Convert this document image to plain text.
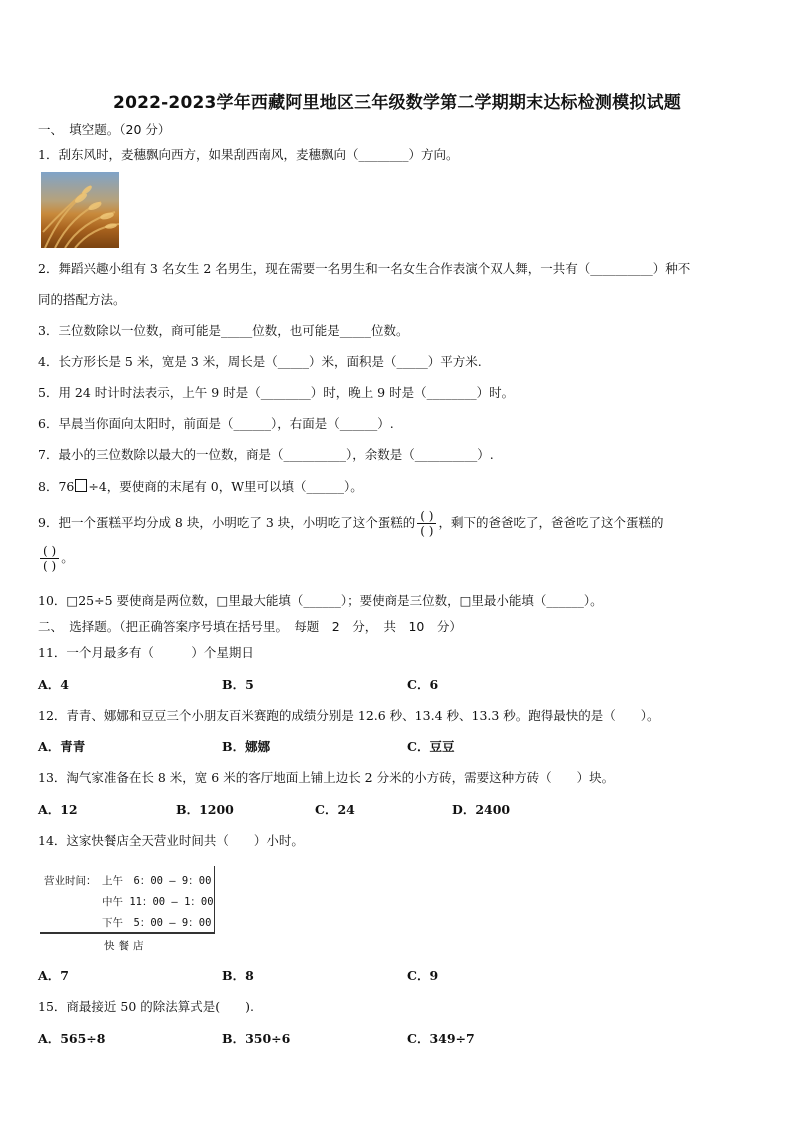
2022-2023学年西藏阿里地区三年级数学第二学期期末达标检测模拟试题
一、　填空题。（20 分）
1．刮东风时，麦穗飘向西方，如果刮西南风，麦穗飘向（________）方向。
2．舞蹈兴趣小组有 3 名女生 2 名男生，现在需要一名男生和一名女生合作表演个双人舞，一共有（__________）种不
同的搭配方法。
3．三位数除以一位数，商可能是_____位数，也可能是_____位数。
4．长方形长是 5 米，宽是 3 米，周长是（_____）米，面积是（_____）平方米.
5．用 24 时计时法表示，上午 9 时是（________）时，晚上 9 时是（________）时。
6．早晨当你面向太阳时，前面是（______），右面是（______）.
7．最小的三位数除以最大的一位数，商是（__________），余数是（__________）.
8．76 ÷4，要使商的末尾有 0，W里可以填（______）。
9．把一个蛋糕平均分成 8 块，小明吃了 3 块，小明吃了这个蛋糕的 $\frac{( )}{( )}$ ，剩下的爸爸吃了，爸爸吃了这个蛋糕的
$\frac{( )}{( )}$ 。
10．□25÷5 要使商是两位数，□里最大能填（______）；要使商是三位数，□里最小能填（______）。
二、　选择题。（把正确答案序号填在括号里。　每题　2　分，　共　10　分）
11．一个月最多有（　　　）个星期日
A．4	B．5	C．6
12．青青、娜娜和豆豆三个小朋友百米赛跑的成绩分别是 12.6 秒、13.4 秒、13.3 秒。跑得最快的是（　　）。
A．青青	B．娜娜	C．豆豆
13．淘气家准备在长 8 米，宽 6 米的客厅地面上铺上边长 2 分米的小方砖，需要这种方砖（　　）块。
A．12	B．1200	C．24	D．2400
14．这家快餐店全天营业时间共（　　）小时。
营业时间： 上午　6：00 — 9：00
中午 11：00 — 1：00
下午　5：00 — 9：00
快餐店
A．7	B．8	C．9
15．商最接近 50 的除法算式是(　　).
A．565÷8	B．350÷6	C．349÷7
